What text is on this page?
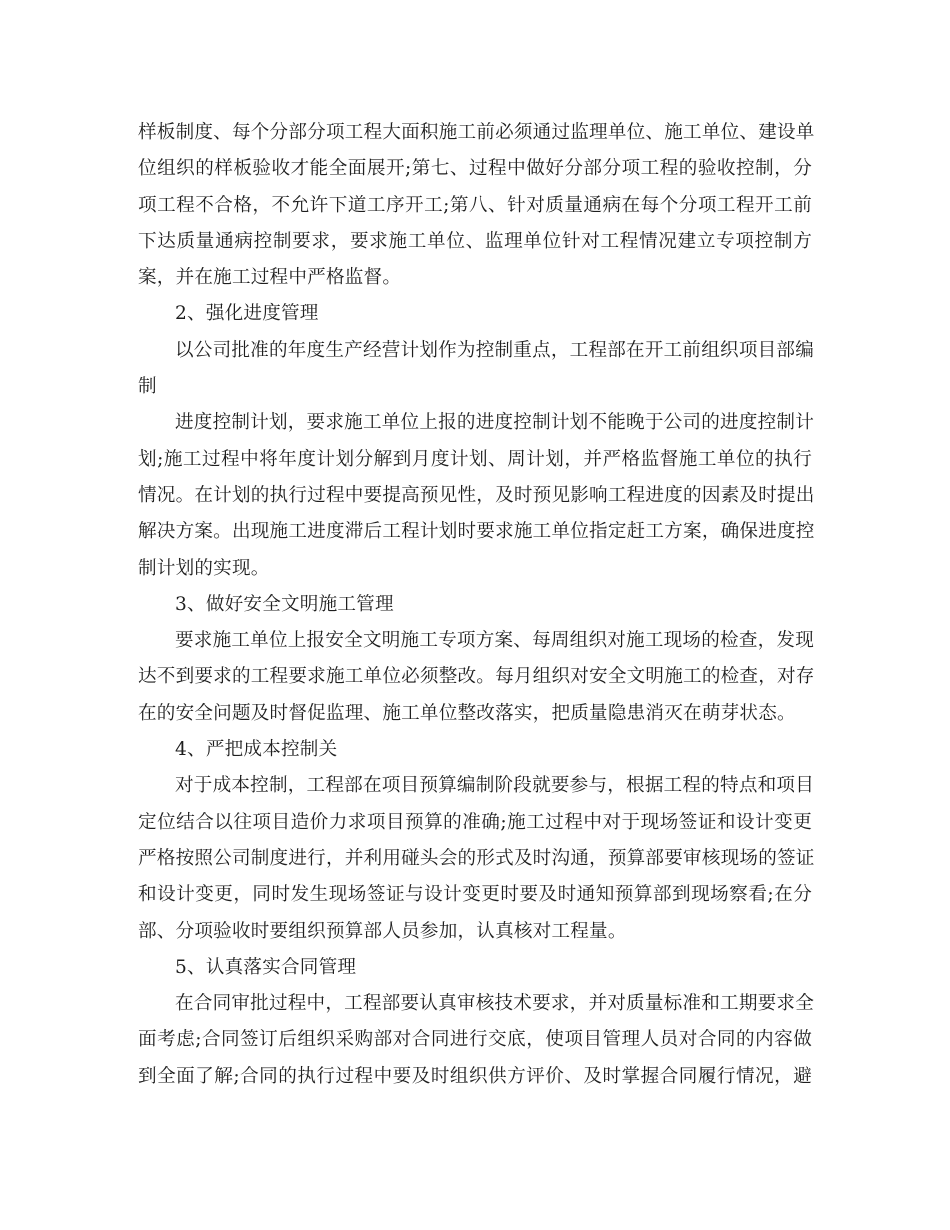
样板制度、每个分部分项工程大面积施工前必须通过监理单位、施工单位、建设单
位组织的样板验收才能全面展开;第七、过程中做好分部分项工程的验收控制，分
项工程不合格，不允许下道工序开工;第八、针对质量通病在每个分项工程开工前
下达质量通病控制要求，要求施工单位、监理单位针对工程情况建立专项控制方
案，并在施工过程中严格监督。
2、强化进度管理
以公司批准的年度生产经营计划作为控制重点，工程部在开工前组织项目部编
制
进度控制计划，要求施工单位上报的进度控制计划不能晚于公司的进度控制计
划;施工过程中将年度计划分解到月度计划、周计划，并严格监督施工单位的执行
情况。在计划的执行过程中要提高预见性，及时预见影响工程进度的因素及时提出
解决方案。出现施工进度滞后工程计划时要求施工单位指定赶工方案，确保进度控
制计划的实现。
3、做好安全文明施工管理
要求施工单位上报安全文明施工专项方案、每周组织对施工现场的检查，发现
达不到要求的工程要求施工单位必须整改。每月组织对安全文明施工的检查，对存
在的安全问题及时督促监理、施工单位整改落实，把质量隐患消灭在萌芽状态。
4、严把成本控制关
对于成本控制，工程部在项目预算编制阶段就要参与，根据工程的特点和项目
定位结合以往项目造价力求项目预算的准确;施工过程中对于现场签证和设计变更
严格按照公司制度进行，并利用碰头会的形式及时沟通，预算部要审核现场的签证
和设计变更，同时发生现场签证与设计变更时要及时通知预算部到现场察看;在分
部、分项验收时要组织预算部人员参加，认真核对工程量。
5、认真落实合同管理
在合同审批过程中，工程部要认真审核技术要求，并对质量标准和工期要求全
面考虑;合同签订后组织采购部对合同进行交底，使项目管理人员对合同的内容做
到全面了解;合同的执行过程中要及时组织供方评价、及时掌握合同履行情况，避
